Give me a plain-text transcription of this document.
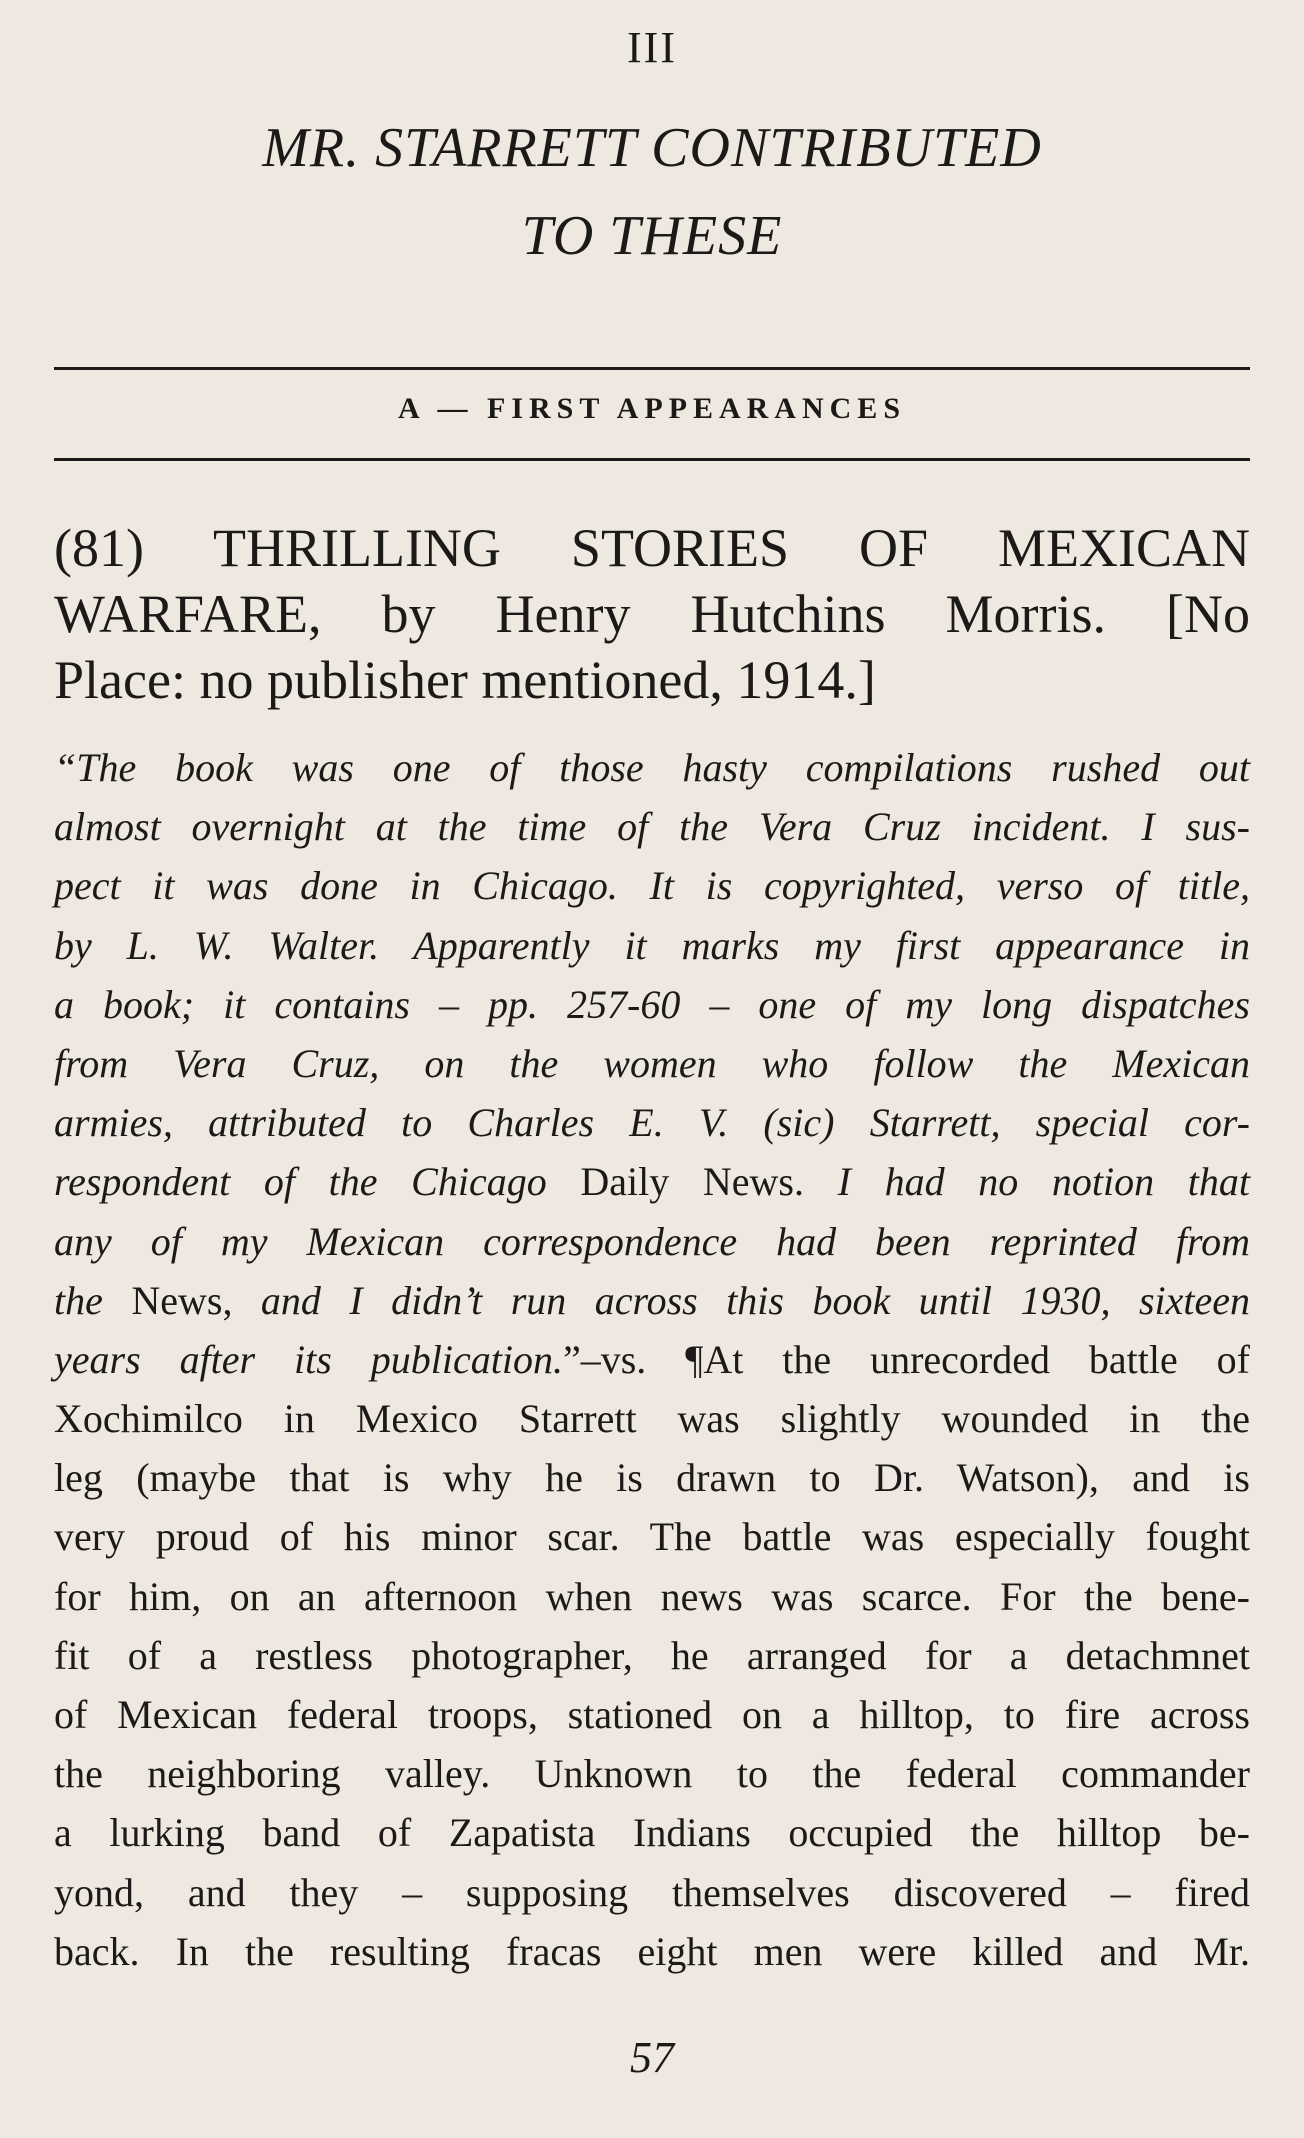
III
MR. STARRETT CONTRIBUTED
TO THESE
A — FIRST APPEARANCES
(81) THRILLING STORIES OF MEXICAN
WARFARE, by Henry Hutchins Morris. [No
Place: no publisher mentioned, 1914.]
“The book was one of those hasty compilations rushed out
almost overnight at the time of the Vera Cruz incident. I sus-
pect it was done in Chicago. It is copyrighted, verso of title,
by L. W. Walter. Apparently it marks my first appearance in
a book; it contains – pp. 257-60 – one of my long dispatches
from Vera Cruz, on the women who follow the Mexican
armies, attributed to Charles E. V. (sic) Starrett, special cor-
respondent of the Chicago Daily News. I had no notion that
any of my Mexican correspondence had been reprinted from
the News, and I didn’t run across this book until 1930, sixteen
years after its publication.”–vs. ¶At the unrecorded battle of
Xochimilco in Mexico Starrett was slightly wounded in the
leg (maybe that is why he is drawn to Dr. Watson), and is
very proud of his minor scar. The battle was especially fought
for him, on an afternoon when news was scarce. For the bene-
fit of a restless photographer, he arranged for a detachmnet
of Mexican federal troops, stationed on a hilltop, to fire across
the neighboring valley. Unknown to the federal commander
a lurking band of Zapatista Indians occupied the hilltop be-
yond, and they – supposing themselves discovered – fired
back. In the resulting fracas eight men were killed and Mr.
57
